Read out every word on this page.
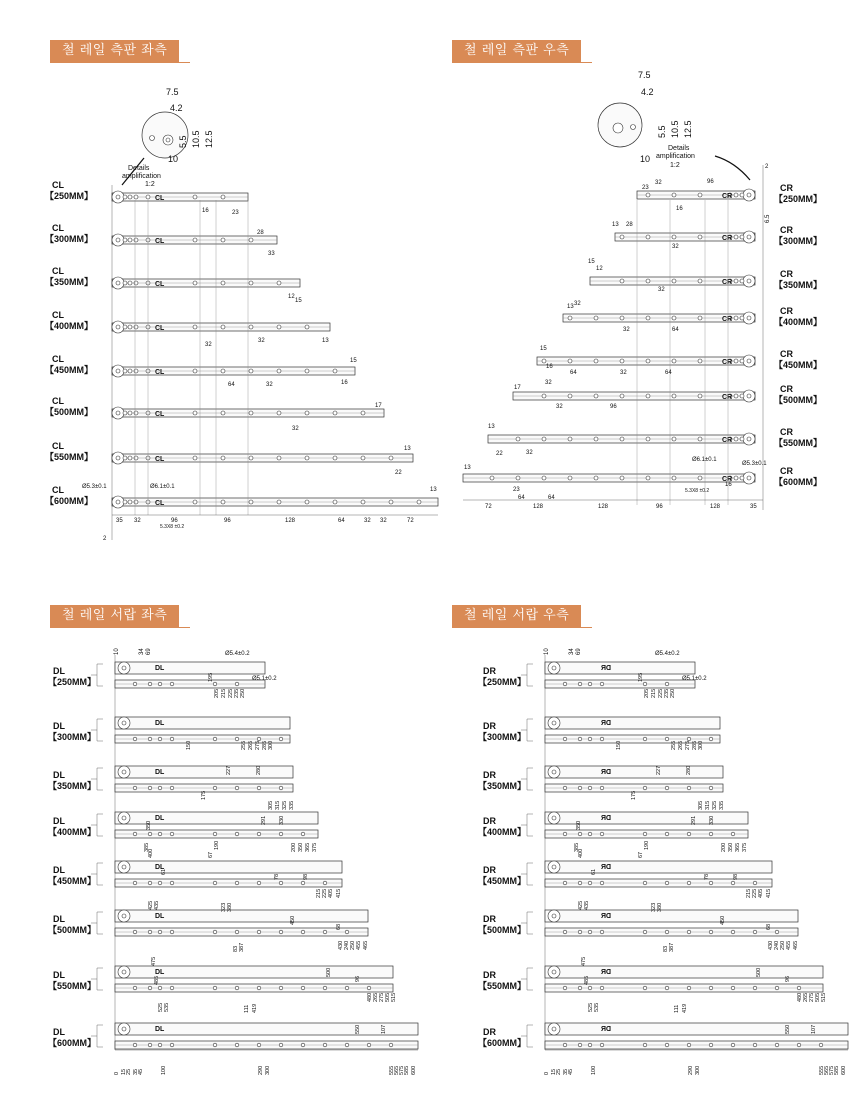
철 레일 측판 좌측
2
7.5
4.2
5.5 10.5 12.5
10
Details
amplification
1:2
CL
CL
【250MM】
CL
CL
【300MM】
CL
CL
【350MM】
CL
CL
【400MM】
CL
CL
【450MM】
CL
CL
【500MM】
CL
CL
【550MM】
CL
CL
【600MM】
16	23
28
33
12
15
13
15
16
17
13
22
13
32
32
64	32
32
35 32	96	96	128	64	32 32	72
Ø5.3±0.1	Ø6.1±0.1
5.3X8 ±0.2
철 레일 측판 우측
2
6.5
7.5
4.2
5.5 10.5 12.5
10
Details
amplification
1:2
CR
CR
【250MM】
CR
CR
【300MM】
CR
CR
【350MM】
CR
CR
【400MM】
CR
CR
【450MM】
CR
CR
【500MM】
CR
CR
【550MM】
CR
CR
【600MM】
23
32	96
16
13 28
15
12
13 32
15
16
17
32
13
22
13
23
64	64
16
32
32	64
32
32	64
64
32	96
32
72	128	128	96	128	35
Ø6.1±0.1
Ø5.3±0.1
5.3X8 ±0.2
철 레일 서랍 좌측
DL
DL
【250MM】
DL
DL
【300MM】
DL
DL
【350MM】
DL
DL
【400MM】
DL
DL
【450MM】
DL
DL
【500MM】
DL
DL
【550MM】
DL
DL
【600MM】
10	34 69	Ø5.4±0.2
Ø5.1±0.2
195
205 215 225 235 250
150	255 265 275 285 300
227	280
175
291 330
305 315 325 335
350
67
190	200 350 365 375
385
400
61
78	98
323 380
215 225 405 415
425 435
450
68
83 387	430 240 250 455 465
475
485
500
96
111 419
480 265 275 505 515
525 535
550	107
0 15 25 35 45	100	290 300	555 565 575 585 600
철 레일 서랍 우측
DR
DR
【250MM】
DR
DR
【300MM】
DR
DR
【350MM】
DR
DR
【400MM】
DR
DR
【450MM】
DR
DR
【500MM】
DR
DR
【550MM】
DR
DR
【600MM】
10	34 69	Ø5.4±0.2
Ø5.1±0.2
195
205 215 225 235 250
150	255 265 275 285 300
227	280
175
291 330
305 315 325 335
350
67
190	200 350 365 375
385
400
61
78	98
323 380
215 225 405 415
425 435
450
68
83 387	430 240 250 455 465
475
485
500
96
111 419
480 265 275 505 515
525 535
550	107
0 15 25 35 45	100	290 300	555 565 575 585 600
